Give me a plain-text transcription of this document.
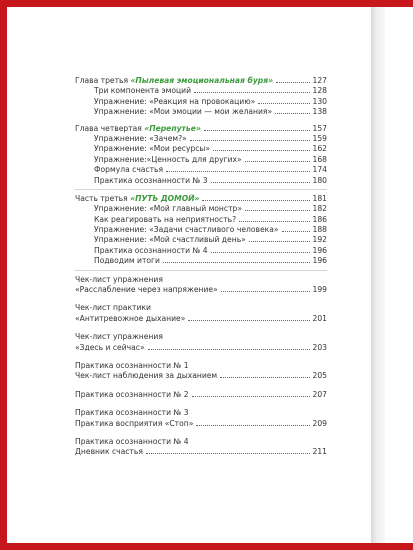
Глава третья «Пылевая эмоциональная буря»	127
Три компонента эмоций	128
Упражнение: «Реакция на провокацию»	130
Упражнение: «Мои эмоции — мои желания»	138
Глава четвертая «Перепутье»	157
Упражнение: «Зачем?»	159
Упражнение: «Мои ресурсы»	162
Упражнение:«Ценность для других»	168
Формула счастья	174
Практика осознанности № 3	180
Часть третья «ПУТЬ ДОМОЙ»	181
Упражнение: «Мой главный монстр»	182
Как реагировать на неприятность?	186
Упражнение: «Задачи счастливого человека»	188
Упражнение: «Мой счастливый день»	192
Практика осознанности № 4	196
Подводим итоги	196
Чек-лист упражнения
«Расслабление через напряжение»	199
Чек-лист практики
«Антитревожное дыхание»	201
Чек-лист упражнения
«Здесь и сейчас»	203
Практика осознанности № 1
Чек-лист наблюдения за дыханием	205
Практика осознанности № 2	207
Практика осознанности № 3
Практика восприятия «Стоп»	209
Практика осознанности № 4
Дневник счастья	211
